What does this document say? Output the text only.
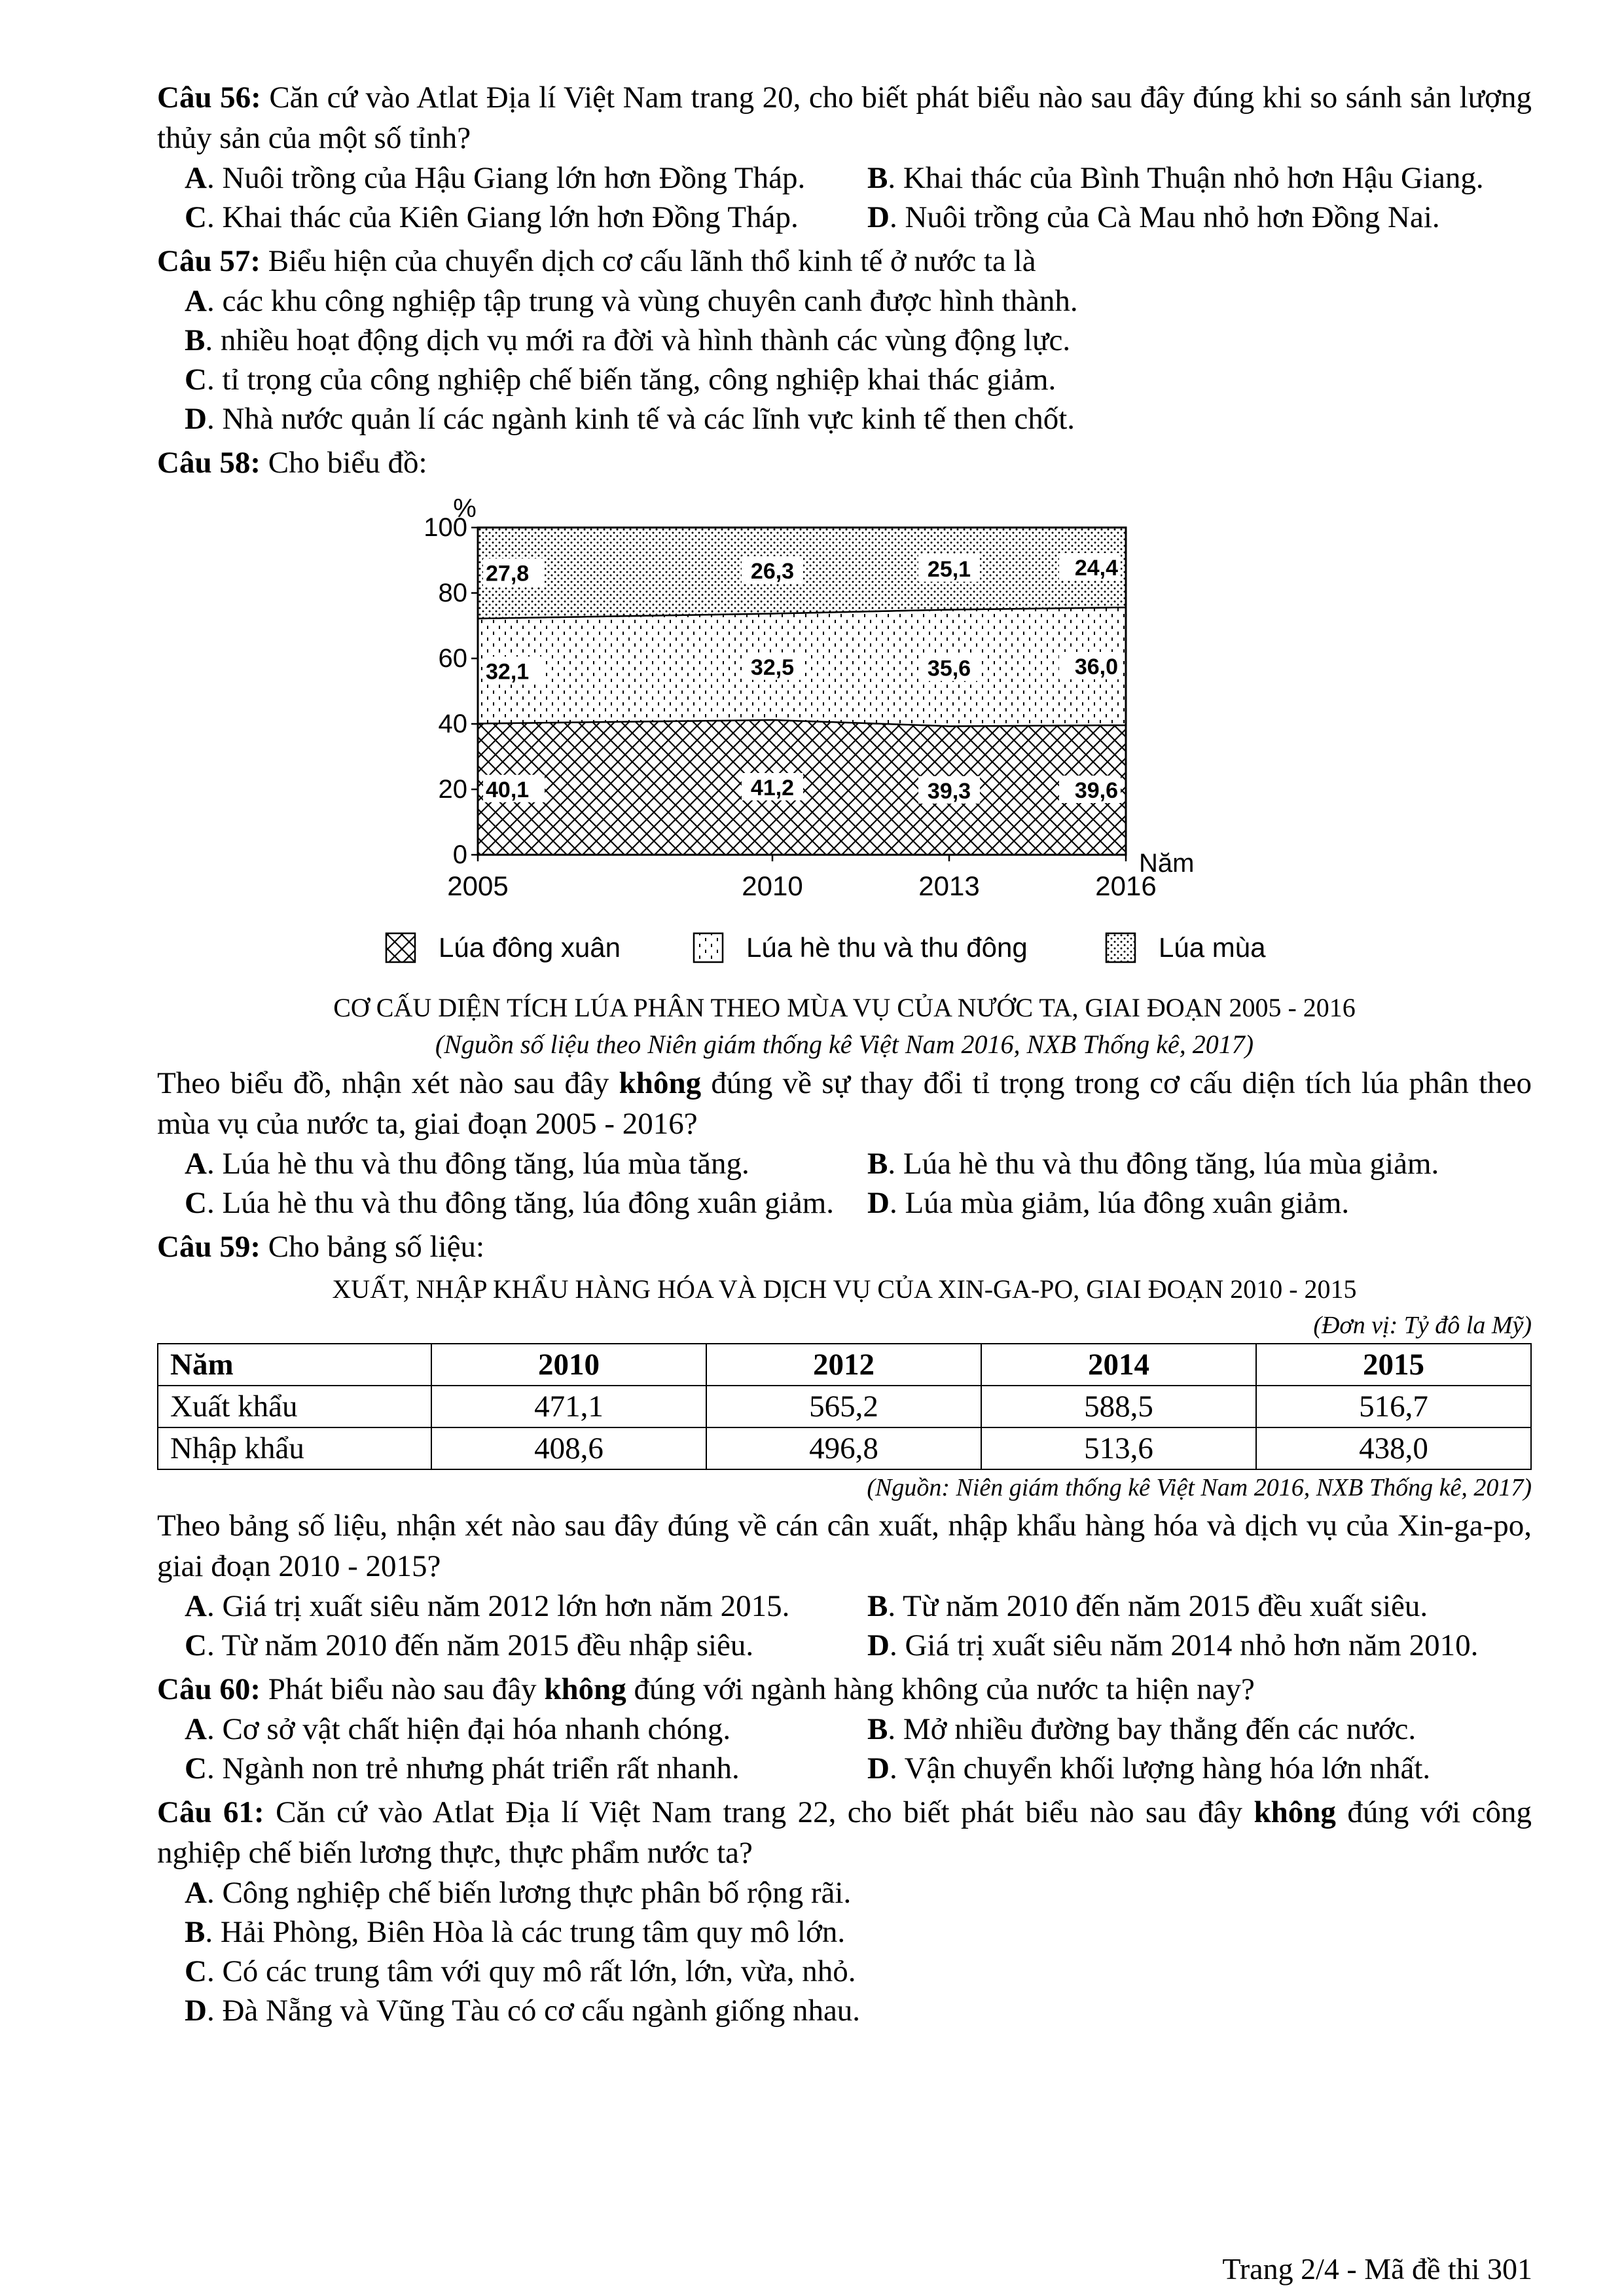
Câu 56: Căn cứ vào Atlat Địa lí Việt Nam trang 20, cho biết phát biểu nào sau đây đúng khi so sánh sản lượng thủy sản của một số tỉnh?
A. Nuôi trồng của Hậu Giang lớn hơn Đồng Tháp.	B. Khai thác của Bình Thuận nhỏ hơn Hậu Giang.
C. Khai thác của Kiên Giang lớn hơn Đồng Tháp.	D. Nuôi trồng của Cà Mau nhỏ hơn Đồng Nai.
Câu 57: Biểu hiện của chuyển dịch cơ cấu lãnh thổ kinh tế ở nước ta là
A. các khu công nghiệp tập trung và vùng chuyên canh được hình thành.
B. nhiều hoạt động dịch vụ mới ra đời và hình thành các vùng động lực.
C. tỉ trọng của công nghiệp chế biến tăng, công nghiệp khai thác giảm.
D. Nhà nước quản lí các ngành kinh tế và các lĩnh vực kinh tế then chốt.
Câu 58: Cho biểu đồ:
0
20
40
60
80
100
%
2005	2010	2013	2016
Năm
40,1	41,2	39,3	39,6
32,1	32,5	35,6	36,0
27,8	26,3	25,1	24,4
Lúa đông xuân	Lúa hè thu và thu đông	Lúa mùa
CƠ CẤU DIỆN TÍCH LÚA PHÂN THEO MÙA VỤ CỦA NƯỚC TA, GIAI ĐOẠN 2005 - 2016
(Nguồn số liệu theo Niên giám thống kê Việt Nam 2016, NXB Thống kê, 2017)
Theo biểu đồ, nhận xét nào sau đây không đúng về sự thay đổi tỉ trọng trong cơ cấu diện tích lúa phân theo mùa vụ của nước ta, giai đoạn 2005 - 2016?
A. Lúa hè thu và thu đông tăng, lúa mùa tăng.	B. Lúa hè thu và thu đông tăng, lúa mùa giảm.
C. Lúa hè thu và thu đông tăng, lúa đông xuân giảm.	D. Lúa mùa giảm, lúa đông xuân giảm.
Câu 59: Cho bảng số liệu:
XUẤT, NHẬP KHẨU HÀNG HÓA VÀ DỊCH VỤ CỦA XIN-GA-PO, GIAI ĐOẠN 2010 - 2015
(Đơn vị: Tỷ đô la Mỹ)
Năm	2010	2012	2014	2015
Xuất khẩu	471,1	565,2	588,5	516,7
Nhập khẩu	408,6	496,8	513,6	438,0
(Nguồn: Niên giám thống kê Việt Nam 2016, NXB Thống kê, 2017)
Theo bảng số liệu, nhận xét nào sau đây đúng về cán cân xuất, nhập khẩu hàng hóa và dịch vụ của Xin-ga-po, giai đoạn 2010 - 2015?
A. Giá trị xuất siêu năm 2012 lớn hơn năm 2015.	B. Từ năm 2010 đến năm 2015 đều xuất siêu.
C. Từ năm 2010 đến năm 2015 đều nhập siêu.	D. Giá trị xuất siêu năm 2014 nhỏ hơn năm 2010.
Câu 60: Phát biểu nào sau đây không đúng với ngành hàng không của nước ta hiện nay?
A. Cơ sở vật chất hiện đại hóa nhanh chóng.	B. Mở nhiều đường bay thẳng đến các nước.
C. Ngành non trẻ nhưng phát triển rất nhanh.	D. Vận chuyển khối lượng hàng hóa lớn nhất.
Câu 61: Căn cứ vào Atlat Địa lí Việt Nam trang 22, cho biết phát biểu nào sau đây không đúng với công nghiệp chế biến lương thực, thực phẩm nước ta?
A. Công nghiệp chế biến lương thực phân bố rộng rãi.
B. Hải Phòng, Biên Hòa là các trung tâm quy mô lớn.
C. Có các trung tâm với quy mô rất lớn, lớn, vừa, nhỏ.
D. Đà Nẵng và Vũng Tàu có cơ cấu ngành giống nhau.
Trang 2/4 - Mã đề thi 301
